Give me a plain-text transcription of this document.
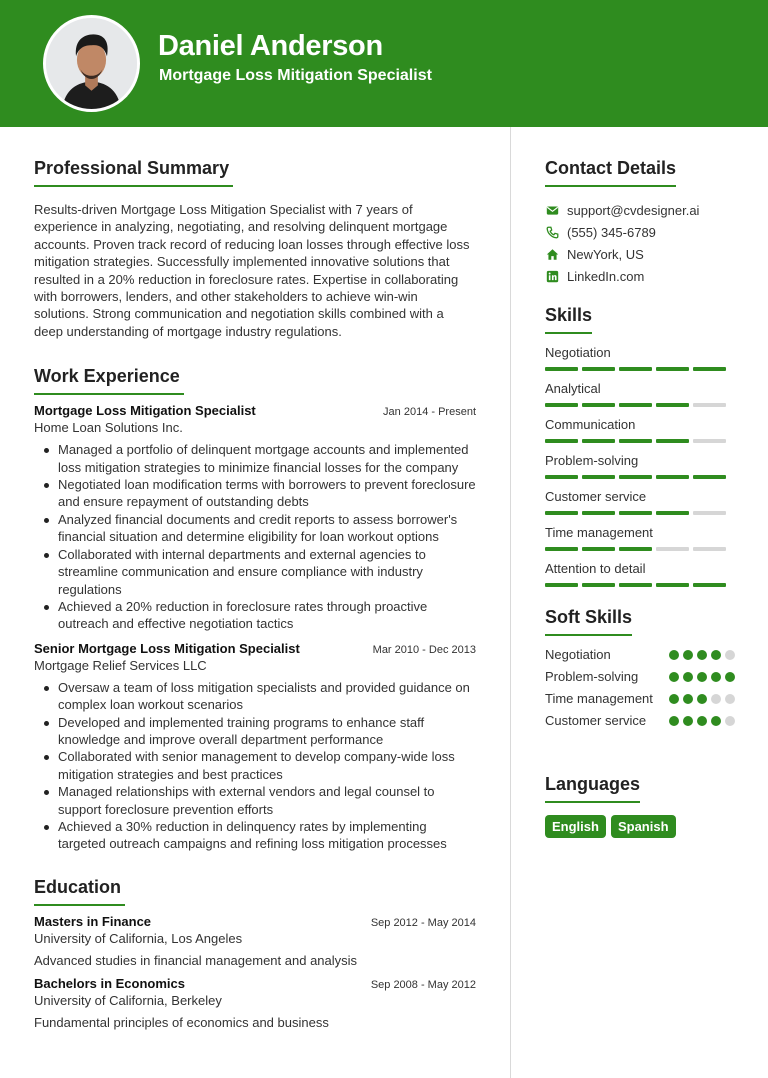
Daniel Anderson
Mortgage Loss Mitigation Specialist
Professional Summary

Results-driven Mortgage Loss Mitigation Specialist with 7 years of experience in analyzing, negotiating, and resolving delinquent mortgage accounts. Proven track record of reducing loan losses through effective loss mitigation strategies. Successfully implemented innovative solutions that resulted in a 20% reduction in foreclosure rates. Expertise in collaborating with borrowers, lenders, and other stakeholders to achieve win-win solutions. Strong communication and negotiation skills combined with a deep understanding of mortgage industry regulations.

Work Experience
Mortgage Loss Mitigation Specialist	Jan 2014 - Present
Home Loan Solutions Inc.
Managed a portfolio of delinquent mortgage accounts and implemented loss mitigation strategies to minimize financial losses for the company
Negotiated loan modification terms with borrowers to prevent foreclosure and ensure repayment of outstanding debts
Analyzed financial documents and credit reports to assess borrower's financial situation and determine eligibility for loan workout options
Collaborated with internal departments and external agencies to streamline communication and ensure compliance with industry regulations
Achieved a 20% reduction in foreclosure rates through proactive outreach and effective negotiation tactics
Senior Mortgage Loss Mitigation Specialist	Mar 2010 - Dec 2013
Mortgage Relief Services LLC
Oversaw a team of loss mitigation specialists and provided guidance on complex loan workout scenarios
Developed and implemented training programs to enhance staff knowledge and improve overall department performance
Collaborated with senior management to develop company-wide loss mitigation strategies and best practices
Managed relationships with external vendors and legal counsel to support foreclosure prevention efforts
Achieved a 30% reduction in delinquency rates by implementing targeted outreach campaigns and refining loss mitigation processes
Education
Masters in Finance	Sep 2012 - May 2014
University of California, Los Angeles
Advanced studies in financial management and analysis
Bachelors in Economics	Sep 2008 - May 2012
University of California, Berkeley
Fundamental principles of economics and business
Contact Details
support@cvdesigner.ai
(555) 345-6789
NewYork, US
LinkedIn.com
Skills
Negotiation
Analytical
Communication
Problem-solving
Customer service
Time management
Attention to detail
Soft Skills
Negotiation
Problem-solving
Time management
Customer service
Languages
English	Spanish
